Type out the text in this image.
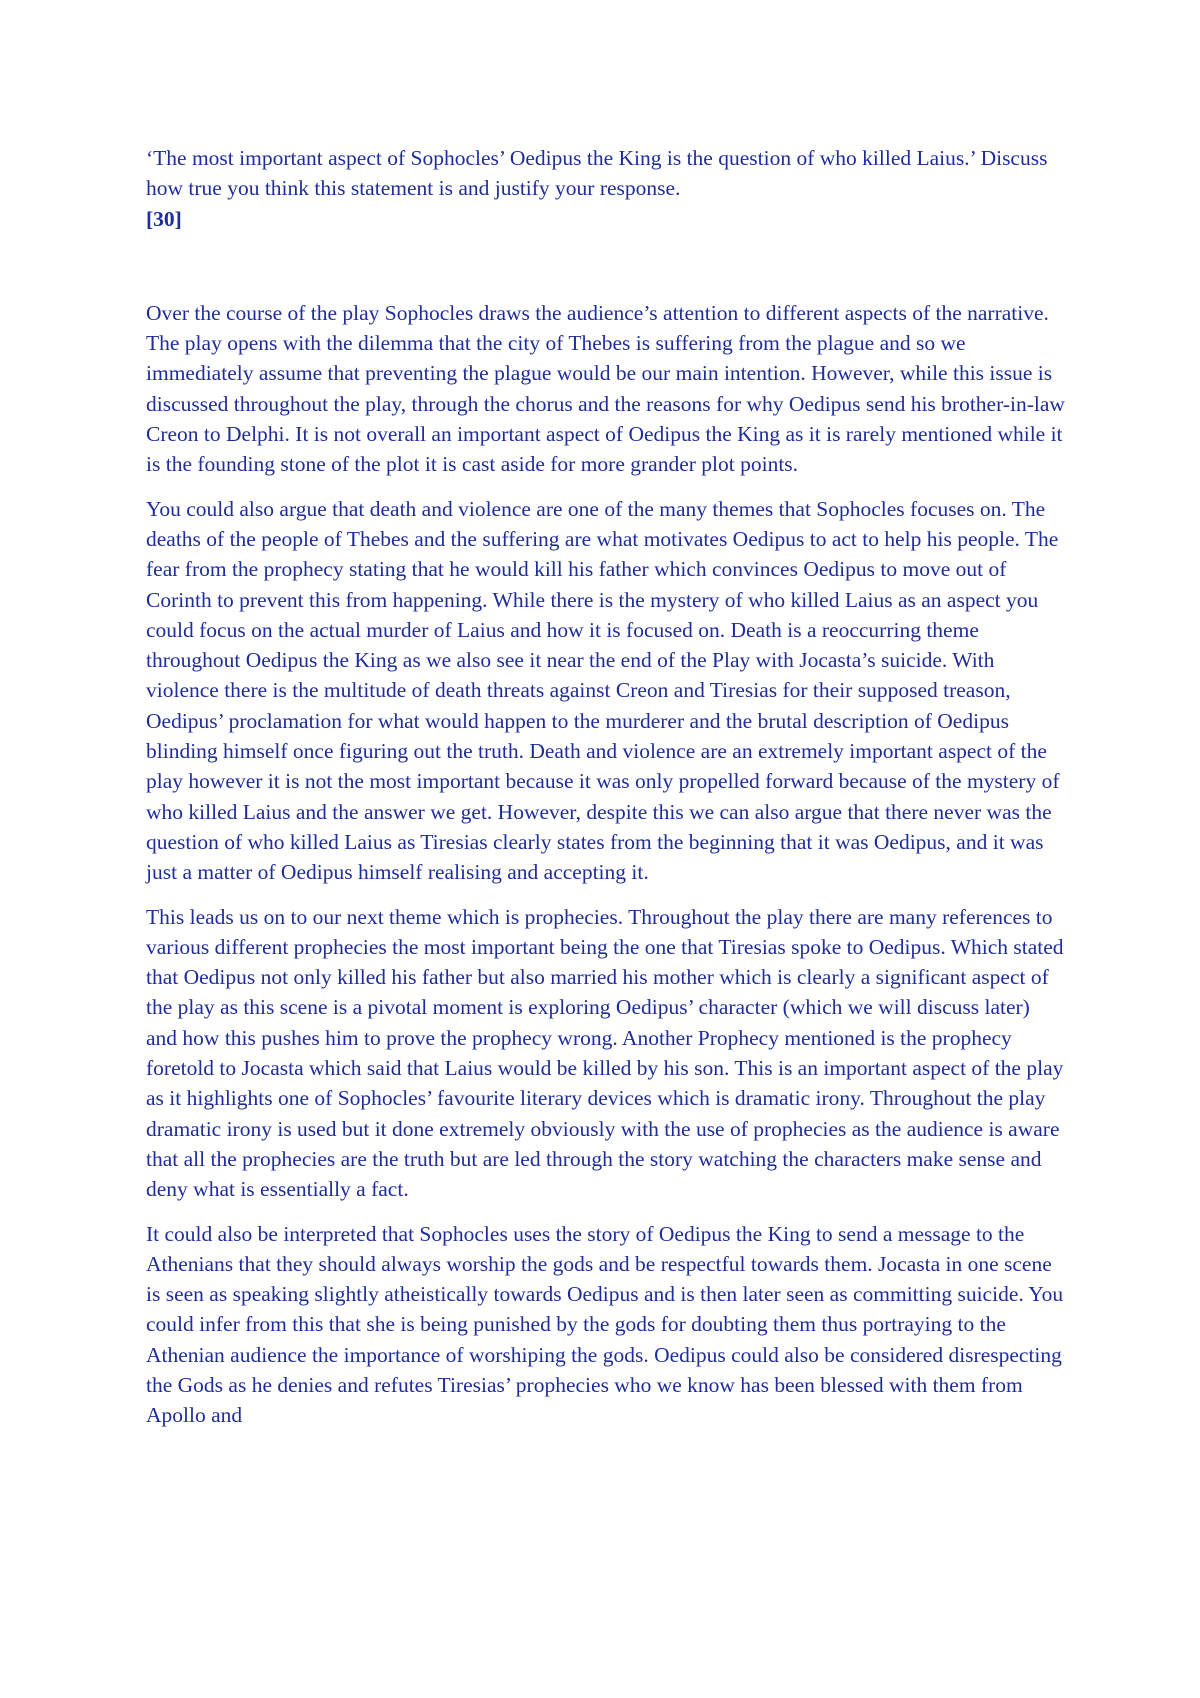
‘The most important aspect of Sophocles’ Oedipus the King is the question of who killed Laius.’ Discuss how true you think this statement is and justify your response.

[30]

Over the course of the play Sophocles draws the audience’s attention to different aspects of the narrative. The play opens with the dilemma that the city of Thebes is suffering from the plague and so we immediately assume that preventing the plague would be our main intention. However, while this issue is discussed throughout the play, through the chorus and the reasons for why Oedipus send his brother-in-law Creon to Delphi. It is not overall an important aspect of Oedipus the King as it is rarely mentioned while it is the founding stone of the plot it is cast aside for more grander plot points.

You could also argue that death and violence are one of the many themes that Sophocles focuses on. The deaths of the people of Thebes and the suffering are what motivates Oedipus to act to help his people. The fear from the prophecy stating that he would kill his father which convinces Oedipus to move out of Corinth to prevent this from happening. While there is the mystery of who killed Laius as an aspect you could focus on the actual murder of Laius and how it is focused on. Death is a reoccurring theme throughout Oedipus the King as we also see it near the end of the Play with Jocasta’s suicide. With violence there is the multitude of death threats against Creon and Tiresias for their supposed treason, Oedipus’ proclamation for what would happen to the murderer and the brutal description of Oedipus blinding himself once figuring out the truth. Death and violence are an extremely important aspect of the play however it is not the most important because it was only propelled forward because of the mystery of who killed Laius and the answer we get. However, despite this we can also argue that there never was the question of who killed Laius as Tiresias clearly states from the beginning that it was Oedipus, and it was just a matter of Oedipus himself realising and accepting it.

This leads us on to our next theme which is prophecies. Throughout the play there are many references to various different prophecies the most important being the one that Tiresias spoke to Oedipus. Which stated that Oedipus not only killed his father but also married his mother which is clearly a significant aspect of the play as this scene is a pivotal moment is exploring Oedipus’ character (which we will discuss later) and how this pushes him to prove the prophecy wrong. Another Prophecy mentioned is the prophecy foretold to Jocasta which said that Laius would be killed by his son. This is an important aspect of the play as it highlights one of Sophocles’ favourite literary devices which is dramatic irony. Throughout the play dramatic irony is used but it done extremely obviously with the use of prophecies as the audience is aware that all the prophecies are the truth but are led through the story watching the characters make sense and deny what is essentially a fact.

It could also be interpreted that Sophocles uses the story of Oedipus the King to send a message to the Athenians that they should always worship the gods and be respectful towards them. Jocasta in one scene is seen as speaking slightly atheistically towards Oedipus and is then later seen as committing suicide. You could infer from this that she is being punished by the gods for doubting them thus portraying to the Athenian audience the importance of worshiping the gods. Oedipus could also be considered disrespecting the Gods as he denies and refutes Tiresias’ prophecies who we know has been blessed with them from Apollo and
